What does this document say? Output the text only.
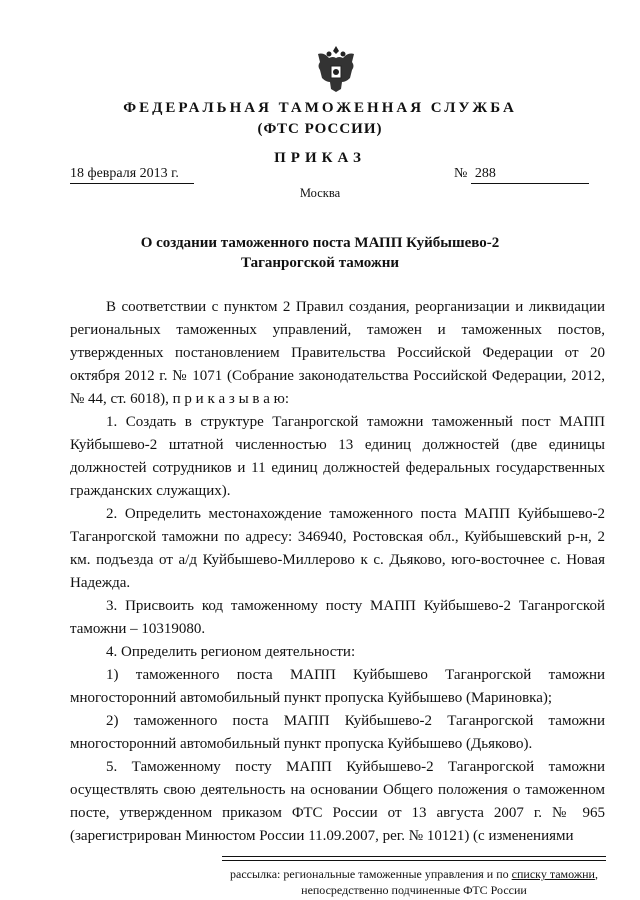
ФЕДЕРАЛЬНАЯ ТАМОЖЕННАЯ СЛУЖБА
(ФТС РОССИИ)
ПРИКАЗ
18 февраля 2013 г.	№ 288
Москва
О создании таможенного поста МАПП Куйбышево-2
Таганрогской таможни

В соответствии с пунктом 2 Правил создания, реорганизации и ликвидации региональных таможенных управлений, таможен и таможенных постов, утвержденных постановлением Правительства Российской Федерации от 20 октября 2012 г. № 1071 (Собрание законодательства Российской Федерации, 2012, № 44, ст. 6018), п р и к а з ы в а ю:

1. Создать в структуре Таганрогской таможни таможенный пост МАПП Куйбышево-2 штатной численностью 13 единиц должностей (две единицы должностей сотрудников и 11 единиц должностей федеральных государственных гражданских служащих).

2. Определить местонахождение таможенного поста МАПП Куйбышево-2 Таганрогской таможни по адресу: 346940, Ростовская обл., Куйбышевский р-н, 2 км. подъезда от а/д Куйбышево-Миллерово к с. Дьяково, юго-восточнее с. Новая Надежда.

3. Присвоить код таможенному посту МАПП Куйбышево-2 Таганрогской таможни – 10319080.

4. Определить регионом деятельности:

1) таможенного поста МАПП Куйбышево Таганрогской таможни многосторонний автомобильный пункт пропуска Куйбышево (Мариновка);

2) таможенного поста МАПП Куйбышево-2 Таганрогской таможни многосторонний автомобильный пункт пропуска Куйбышево (Дьяково).

5. Таможенному посту МАПП Куйбышево-2 Таганрогской таможни осуществлять свою деятельность на основании Общего положения о таможенном посте, утвержденном приказом ФТС России от 13 августа 2007 г. № 965 (зарегистрирован Минюстом России 11.09.2007, рег. № 10121) (с изменениями

рассылка: региональные таможенные управления и по списку таможни,
непосредственно подчиненные ФТС России
